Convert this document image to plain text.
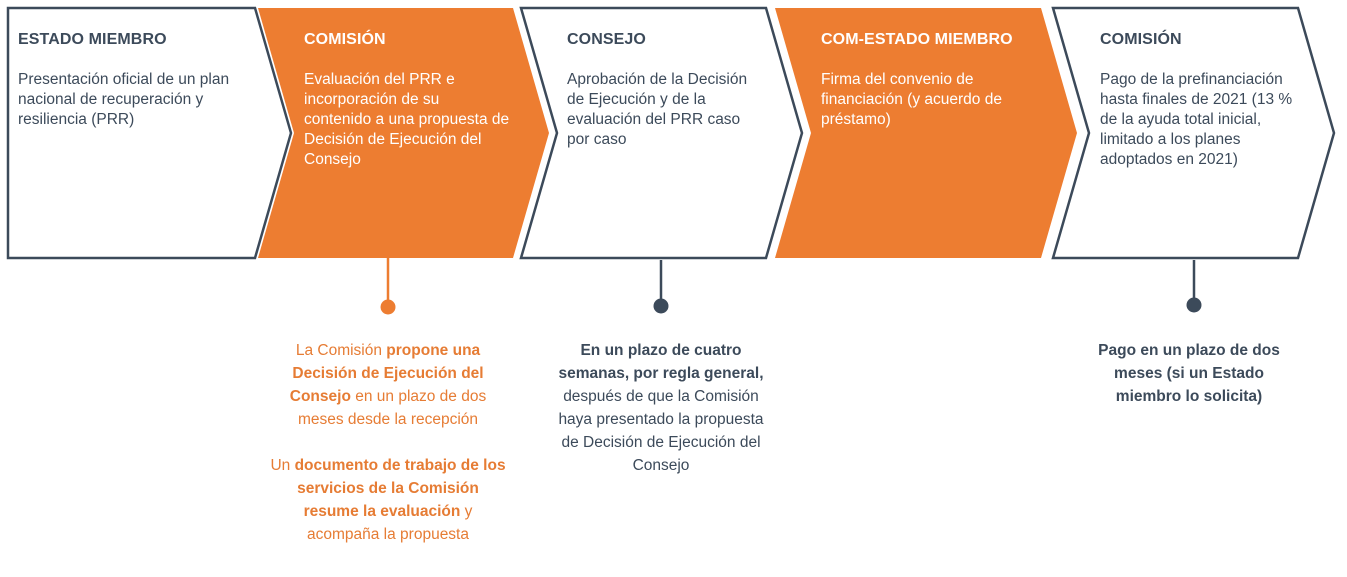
ESTADO MIEMBRO
Presentación oficial de un plan nacional de recuperación y resiliencia (PRR)
COMISIÓN
Evaluación del PRR e incorporación de su contenido a una propuesta de Decisión de Ejecución del Consejo
CONSEJO
Aprobación de la Decisión de Ejecución y de la evaluación del PRR caso por caso
COM-ESTADO MIEMBRO
Firma del convenio de financiación (y acuerdo de préstamo)
COMISIÓN
Pago de la prefinanciación hasta finales de 2021 (13 % de la ayuda total inicial, limitado a los planes adoptados en 2021)
La Comisión propone una Decisión de Ejecución del Consejo en un plazo de dos meses desde la recepción
Un documento de trabajo de los servicios de la Comisión resume la evaluación y acompaña la propuesta
En un plazo de cuatro semanas, por regla general, después de que la Comisión haya presentado la propuesta de Decisión de Ejecución del Consejo
Pago en un plazo de dos meses (si un Estado miembro lo solicita)
